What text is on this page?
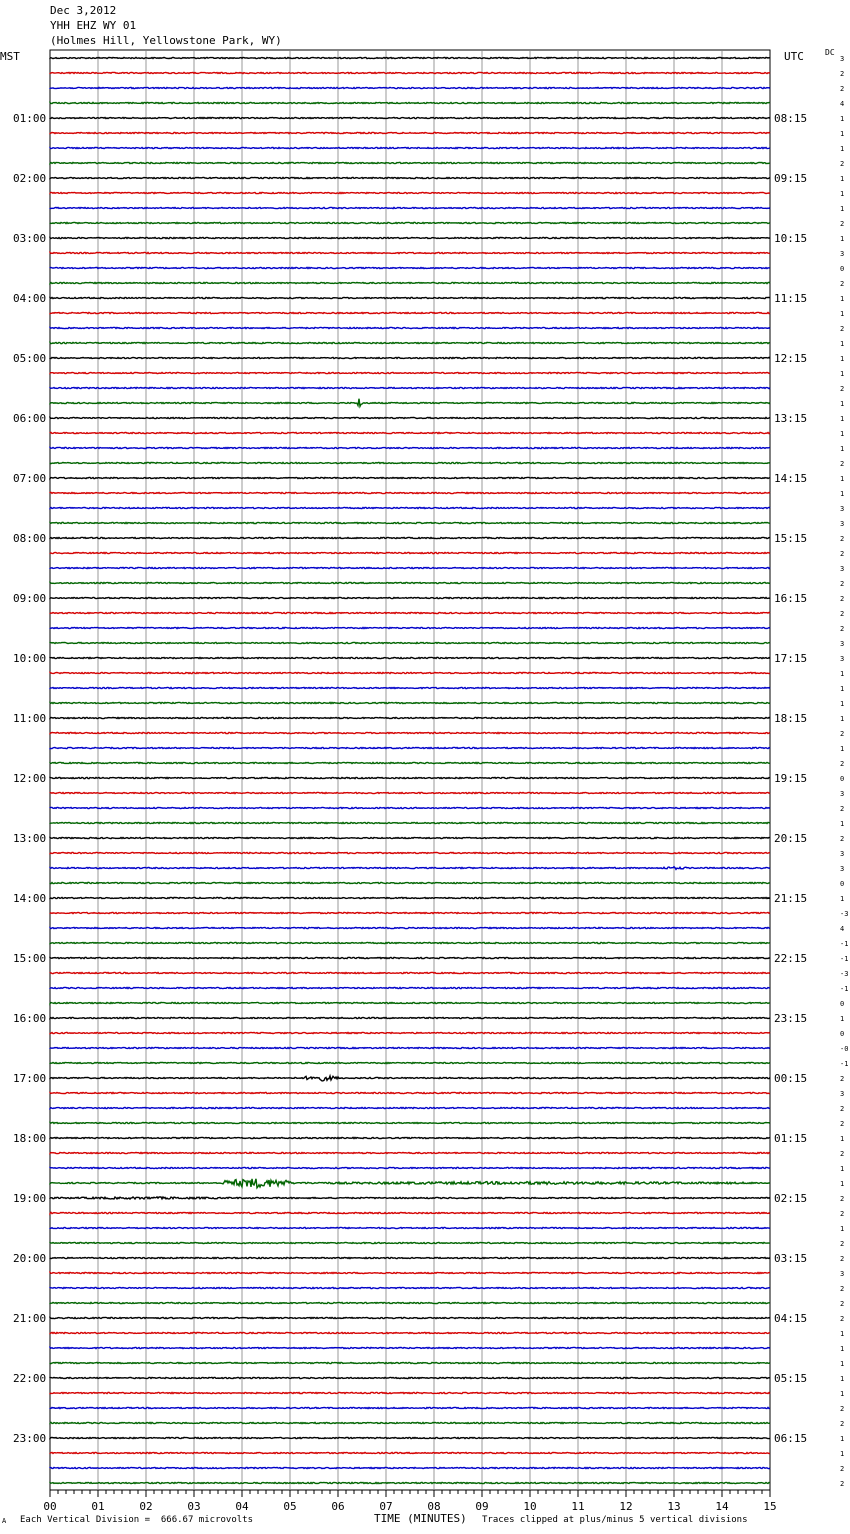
Dec 3,2012
YHH EHZ WY 01
(Holmes Hill, Yellowstone Park, WY)
MST	UTC	DC
3
2
2
4
1
1
1
2
1
1
1
2
1
3
0
2
1
1
2
1
1
1
2
1
1
1
1
2
1
1
3
3
2
2
3
2
2
2
2
3
3
1
1
1
1
2
1
2
0
3
2
1
2
3
3
0
1
-3
4
-1
-1
-3
-1
0
1
0
-0
-1
2
3
2
2
1
2
1
1
2
2
1
2
2
3
2
2
2
1
1
1
1
1
2
2
1
1
2
2
01:00	08:15
02:00	09:15
03:00	10:15
04:00	11:15
05:00	12:15
06:00	13:15
07:00	14:15
08:00	15:15
09:00	16:15
10:00	17:15
11:00	18:15
12:00	19:15
13:00	20:15
14:00	21:15
15:00	22:15
16:00	23:15
17:00	00:15
18:00	01:15
19:00	02:15
20:00	03:15
21:00	04:15
22:00	05:15
23:00	06:15
00	01	02	03	04	05	06	07	08	09	10	11	12	13	14	15
A Each Vertical Division =  666.67 microvolts	TIME (MINUTES) Traces clipped at plus/minus 5 vertical divisions
